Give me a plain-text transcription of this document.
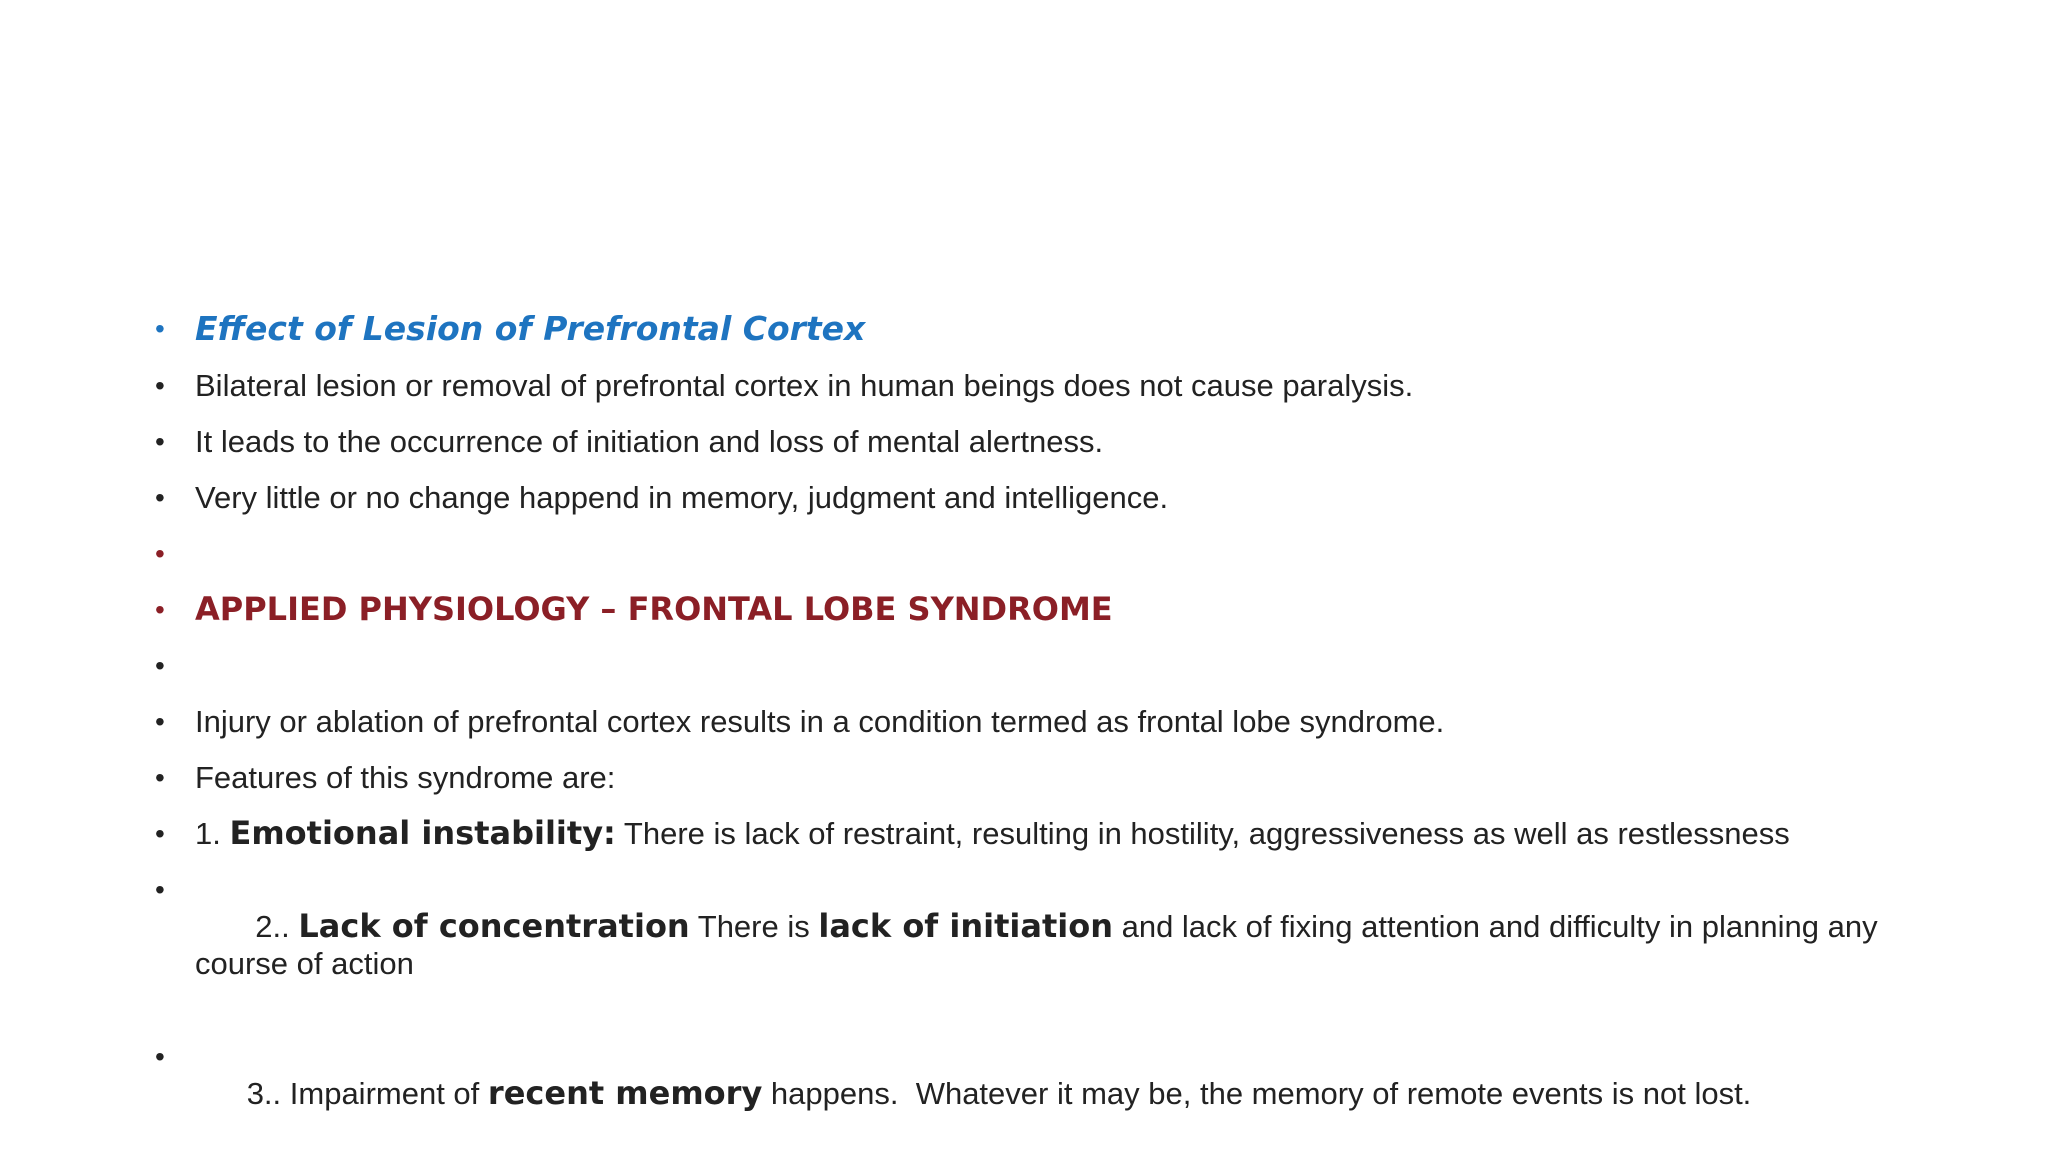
• Effect of Lesion of Prefrontal Cortex

• Bilateral lesion or removal of prefrontal cortex in human beings does not cause paralysis.

• It leads to the occurrence of initiation and loss of mental alertness.

• Very little or no change happend in memory, judgment and intelligence.

•

• APPLIED PHYSIOLOGY – FRONTAL LOBE SYNDROME

•

• Injury or ablation of prefrontal cortex results in a condition termed as frontal lobe syndrome.

• Features of this syndrome are:

• 1. Emotional instability: There is lack of restraint, resulting in hostility, aggressiveness as well as restlessness

•
2.. Lack of concentration There is lack of initiation and lack of fixing attention and difficulty in planning any course of action

•
3.. Impairment of recent memory happens.  Whatever it may be, the memory of remote events is not lost.
